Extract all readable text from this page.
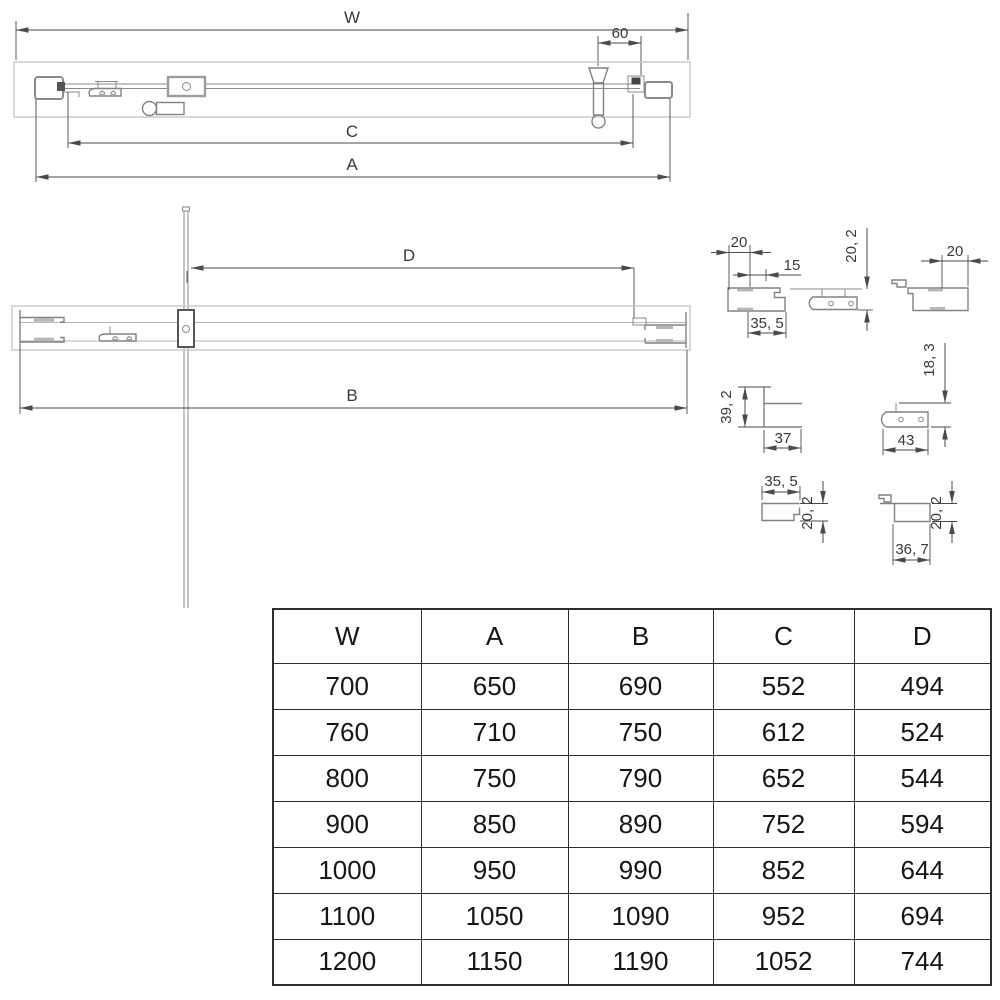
W
60
C
A
D
B
20
15
35, 5
20, 2	20
39, 2
37	43
18, 3
35, 5
20, 2
36, 7
20, 2
W	A	B	C	D
700	650	690	552	494
760	710	750	612	524
800	750	790	652	544
900	850	890	752	594
1000	950	990	852	644
1100	1050	1090	952	694
1200	1150	1190	1052	744
